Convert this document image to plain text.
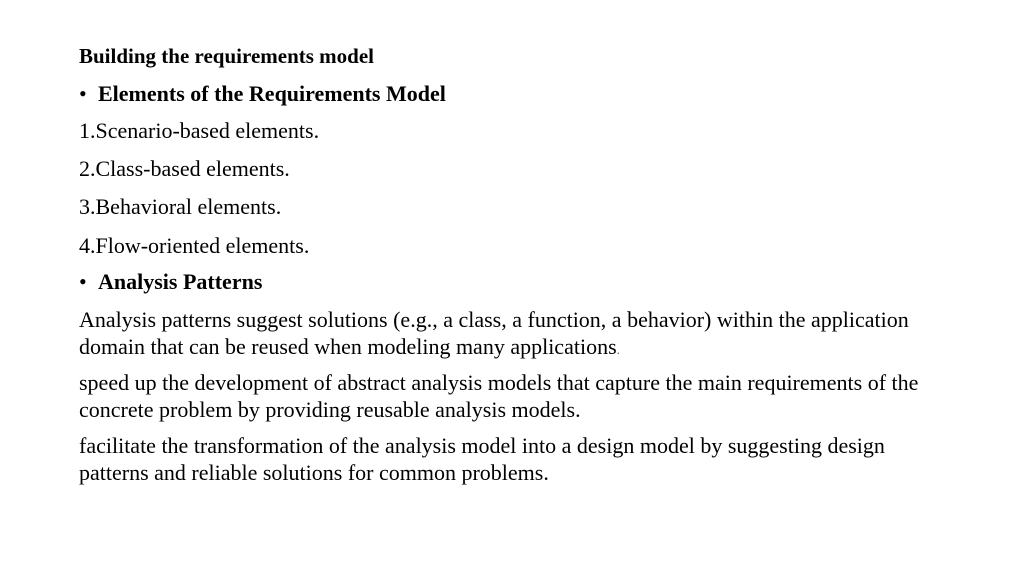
Building the requirements model
• Elements of the Requirements Model
1.Scenario-based elements.
2.Class-based elements.
3.Behavioral elements.
4.Flow-oriented elements.
• Analysis Patterns

Analysis patterns suggest solutions (e.g., a class, a function, a behavior) within the application domain that can be reused when modeling many applications.

speed up the development of abstract analysis models that capture the main requirements of the concrete problem by providing reusable analysis models.

facilitate the transformation of the analysis model into a design model by suggesting design patterns and reliable solutions for common problems.
